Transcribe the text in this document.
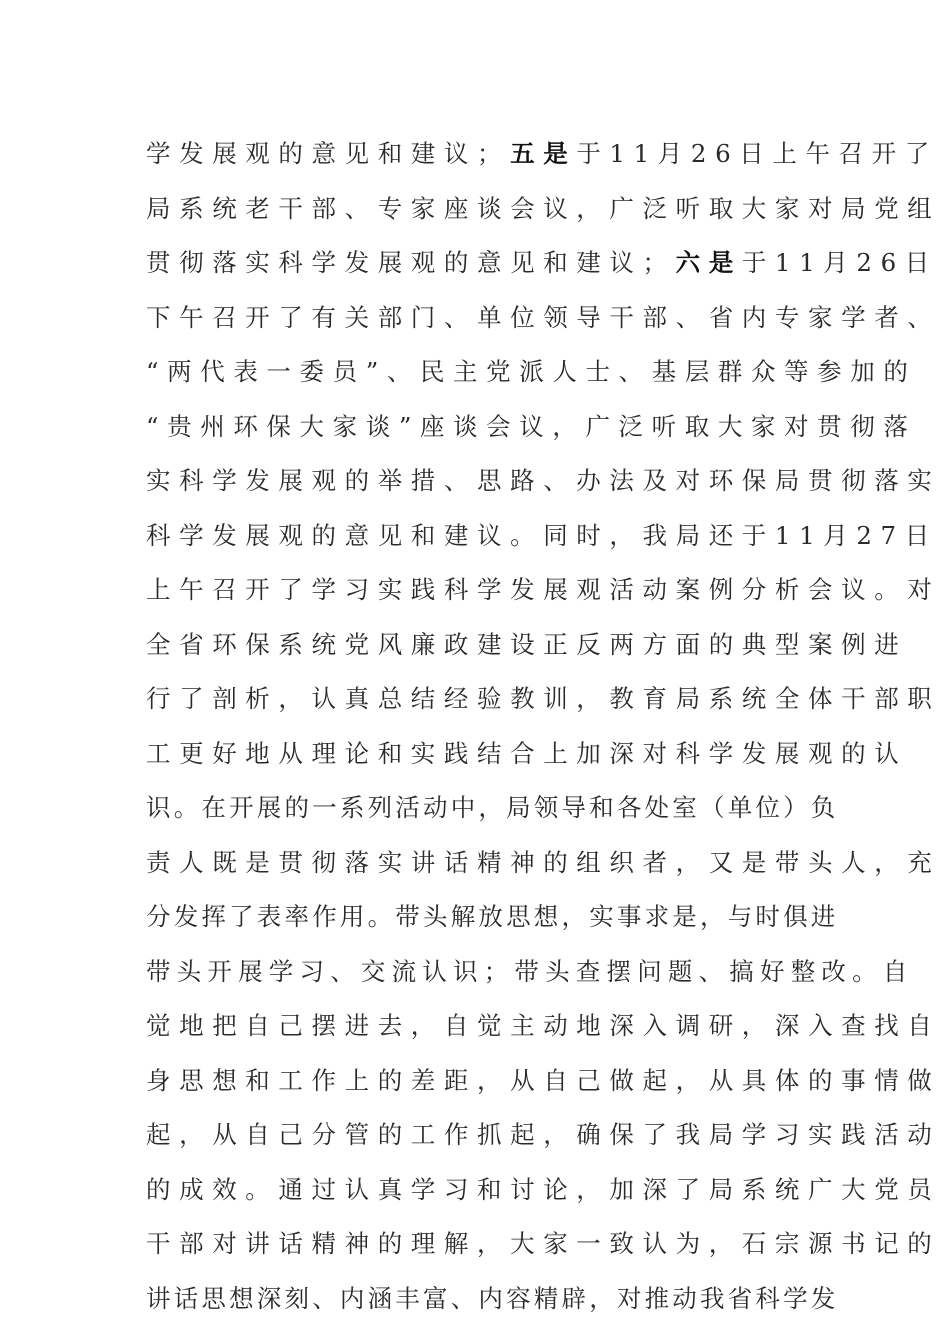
学发展观的意见和建议；五是于11月26日上午召开了
局系统老干部、专家座谈会议，广泛听取大家对局党组
贯彻落实科学发展观的意见和建议；六是于11月26日
下午召开了有关部门、单位领导干部、省内专家学者、
“两代表一委员”、民主党派人士、基层群众等参加的
“贵州环保大家谈”座谈会议，广泛听取大家对贯彻落
实科学发展观的举措、思路、办法及对环保局贯彻落实
科学发展观的意见和建议。同时，我局还于11月27日
上午召开了学习实践科学发展观活动案例分析会议。对
全省环保系统党风廉政建设正反两方面的典型案例进
行了剖析，认真总结经验教训，教育局系统全体干部职
工更好地从理论和实践结合上加深对科学发展观的认
识。在开展的一系列活动中，局领导和各处室（单位）负
责人既是贯彻落实讲话精神的组织者，又是带头人，充
分发挥了表率作用。带头解放思想，实事求是，与时俱进
带头开展学习、交流认识；带头查摆问题、搞好整改。自
觉地把自己摆进去，自觉主动地深入调研，深入查找自
身思想和工作上的差距，从自己做起，从具体的事情做
起，从自己分管的工作抓起，确保了我局学习实践活动
的成效。通过认真学习和讨论，加深了局系统广大党员
干部对讲话精神的理解，大家一致认为，石宗源书记的
讲话思想深刻、内涵丰富、内容精辟，对推动我省科学发
